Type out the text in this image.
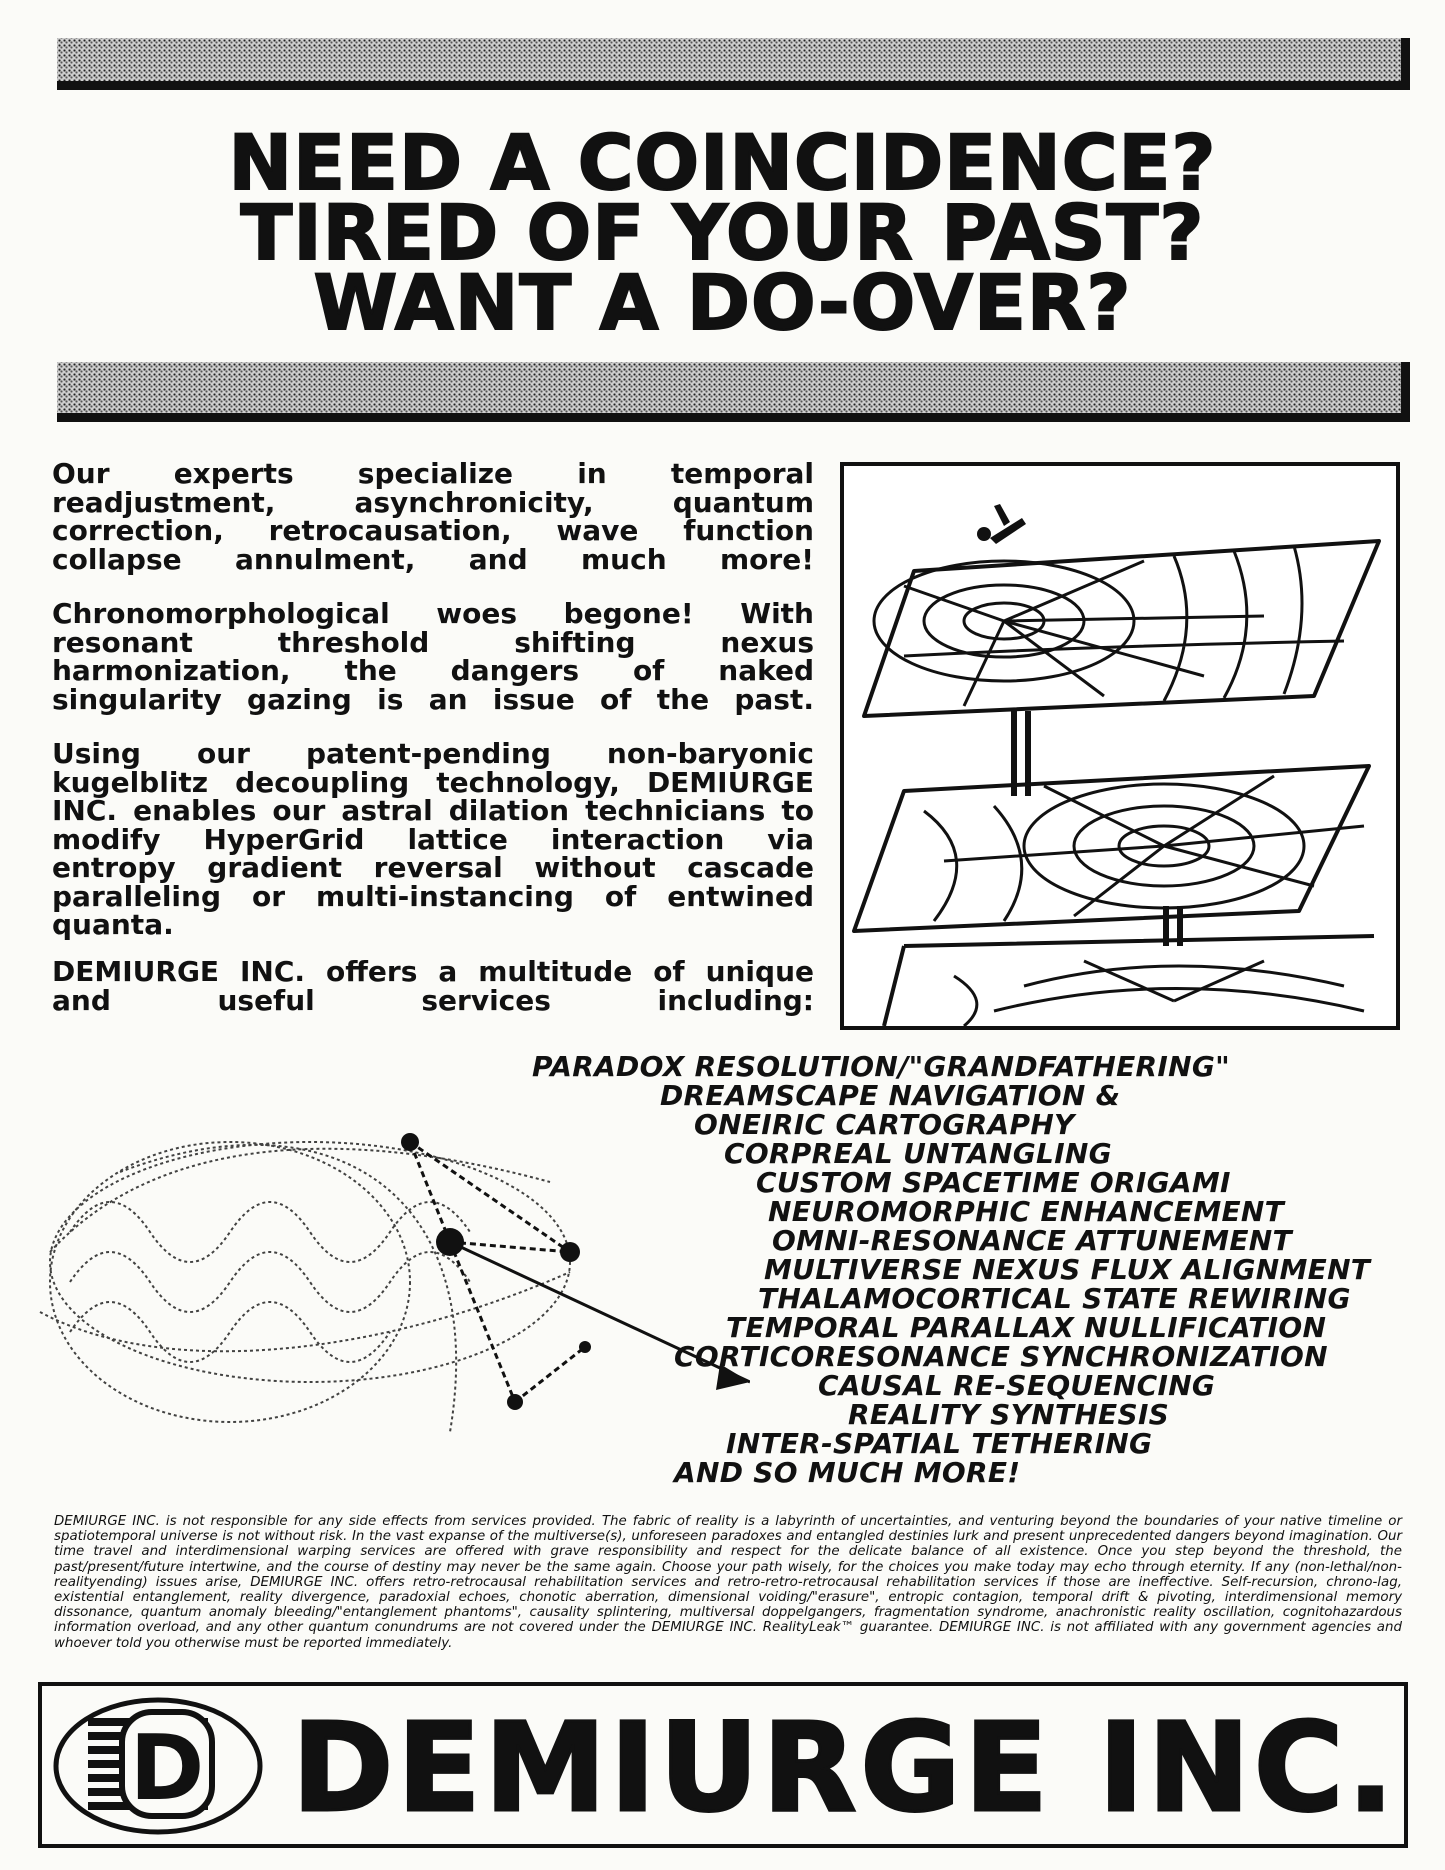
NEED A COINCIDENCE?
TIRED OF YOUR PAST?
WANT A DO-OVER?
Our experts specialize in temporal readjustment, asynchronicity, quantum correction, retrocausation, wave function collapse annulment, and much more!
Chronomorphological woes begone! With resonant threshold shifting nexus harmonization, the dangers of naked singularity gazing is an issue of the past.
Using our patent-pending non-baryonic kugelblitz decoupling technology, DEMIURGE INC. enables our astral dilation technicians to modify HyperGrid lattice interaction via entropy gradient reversal without cascade paralleling or multi-instancing of entwined quanta.
DEMIURGE INC. offers a multitude of unique and useful services including:
PARADOX RESOLUTION/"GRANDFATHERING"
DREAMSCAPE NAVIGATION &
ONEIRIC CARTOGRAPHY
CORPREAL UNTANGLING
CUSTOM SPACETIME ORIGAMI
NEUROMORPHIC ENHANCEMENT
OMNI-RESONANCE ATTUNEMENT
MULTIVERSE NEXUS FLUX ALIGNMENT
THALAMOCORTICAL STATE REWIRING
TEMPORAL PARALLAX NULLIFICATION
CORTICORESONANCE SYNCHRONIZATION
CAUSAL RE-SEQUENCING
REALITY SYNTHESIS
INTER-SPATIAL TETHERING
AND SO MUCH MORE!
DEMIURGE INC. is not responsible for any side effects from services provided. The fabric of reality is a labyrinth of uncertainties, and venturing beyond the boundaries of your native timeline or spatiotemporal universe is not without risk. In the vast expanse of the multiverse(s), unforeseen paradoxes and entangled destinies lurk and present unprecedented dangers beyond imagination. Our time travel and interdimensional warping services are offered with grave responsibility and respect for the delicate balance of all existence. Once you step beyond the threshold, the past/present/future intertwine, and the course of destiny may never be the same again. Choose your path wisely, for the choices you make today may echo through eternity. If any (non-lethal/non-realityending) issues arise, DEMIURGE INC. offers retro-retrocausal rehabilitation services and retro-retro-retrocausal rehabilitation services if those are ineffective. Self-recursion, chrono-lag, existential entanglement, reality divergence, paradoxial echoes, chonotic aberration, dimensional voiding/"erasure", entropic contagion, temporal drift & pivoting, interdimensional memory dissonance, quantum anomaly bleeding/"entanglement phantoms", causality splintering, multiversal doppelgangers, fragmentation syndrome, anachronistic reality oscillation, cognitohazardous information overload, and any other quantum conundrums are not covered under the DEMIURGE INC. RealityLeak™ guarantee. DEMIURGE INC. is not affiliated with any government agencies and whoever told you otherwise must be reported immediately.
D DEMIURGE INC.
